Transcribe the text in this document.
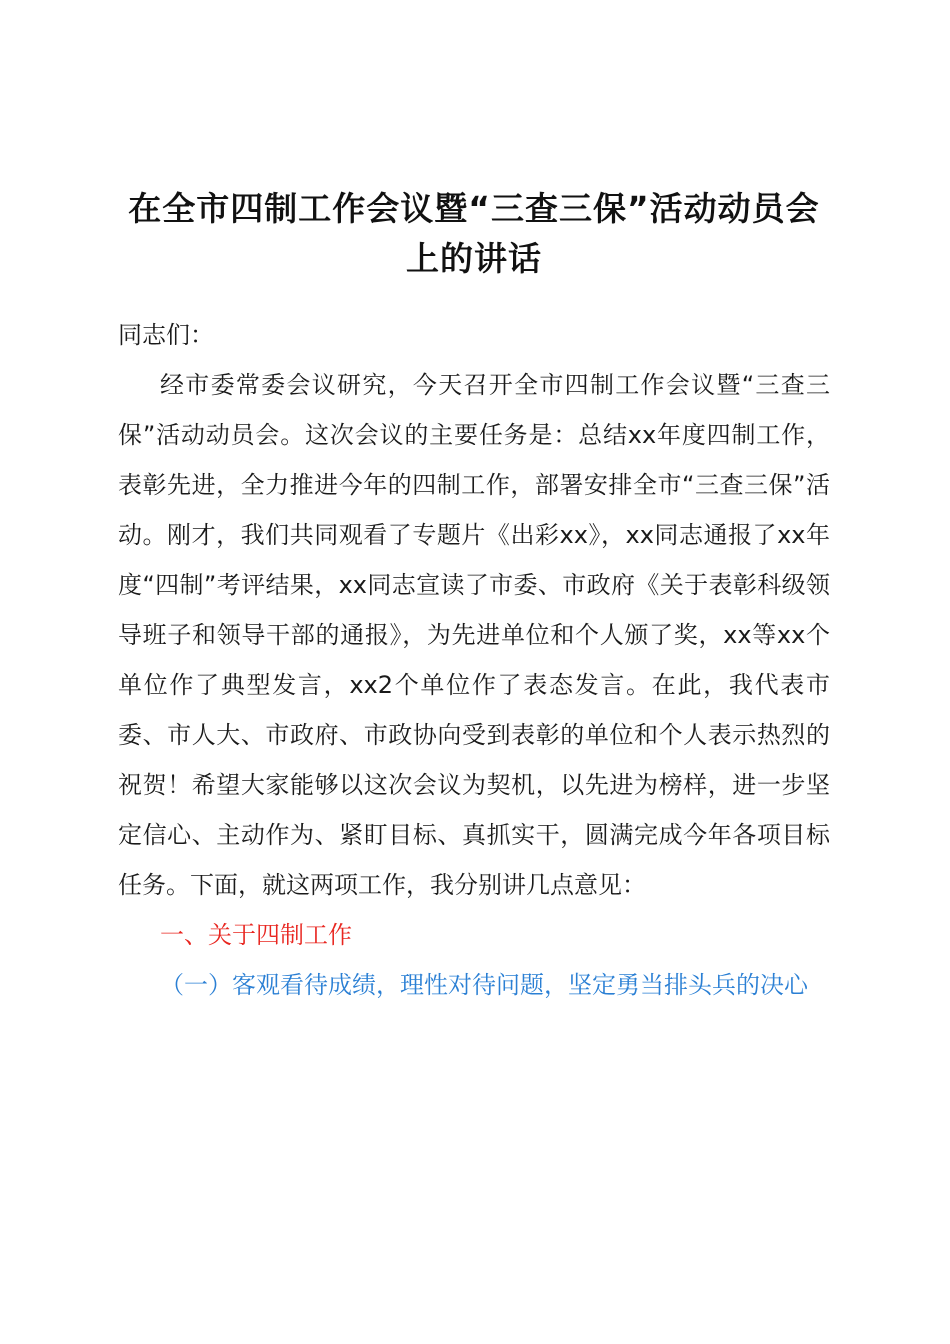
在全市四制工作会议暨“三查三保”活动动员会上的讲话

同志们：

经市委常委会议研究，今天召开全市四制工作会议暨“三查三保”活动动员会。这次会议的主要任务是：总结xx年度四制工作，表彰先进，全力推进今年的四制工作，部署安排全市“三查三保”活动。刚才，我们共同观看了专题片《出彩xx》，xx同志通报了xx年度“四制”考评结果，xx同志宣读了市委、市政府《关于表彰科级领导班子和领导干部的通报》，为先进单位和个人颁了奖，xx等xx个单位作了典型发言，xx2个单位作了表态发言。在此，我代表市委、市人大、市政府、市政协向受到表彰的单位和个人表示热烈的祝贺！希望大家能够以这次会议为契机，以先进为榜样，进一步坚定信心、主动作为、紧盯目标、真抓实干，圆满完成今年各项目标任务。下面，就这两项工作，我分别讲几点意见：

一、关于四制工作

（一）客观看待成绩，理性对待问题，坚定勇当排头兵的决心
